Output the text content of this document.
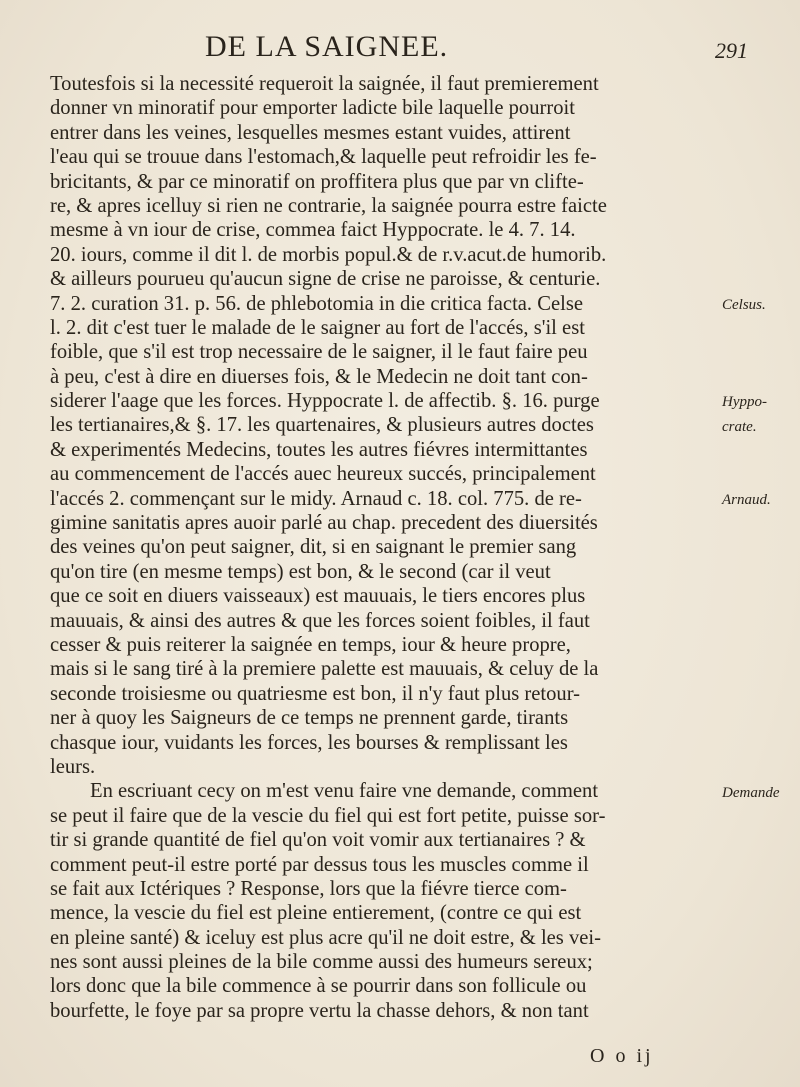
DE LA SAIGNEE.	291
Toutesfois si la necessité requeroit la saignée, il faut premierement
donner vn minoratif pour emporter ladicte bile laquelle pourroit
entrer dans les veines, lesquelles mesmes estant vuides, attirent
l'eau qui se trouue dans l'estomach,& laquelle peut refroidir les fe-
bricitants, & par ce minoratif on proffitera plus que par vn clifte-
re, & apres icelluy si rien ne contrarie, la saignée pourra estre faicte
mesme à vn iour de crise, commea faict Hyppocrate. le 4. 7. 14.
20. iours, comme il dit l. de morbis popul.& de r.v.acut.de humorib.
& ailleurs pourueu qu'aucun signe de crise ne paroisse, & centurie.
7. 2. curation 31. p. 56. de phlebotomia in die critica facta. Celse
l. 2. dit c'est tuer le malade de le saigner au fort de l'accés, s'il est
foible, que s'il est trop necessaire de le saigner, il le faut faire peu
à peu, c'est à dire en diuerses fois, & le Medecin ne doit tant con-
siderer l'aage que les forces. Hyppocrate l. de affectib. §. 16. purge
les tertianaires,& §. 17. les quartenaires, & plusieurs autres doctes
& experimentés Medecins, toutes les autres fiévres intermittantes
au commencement de l'accés auec heureux succés, principalement
l'accés 2. commençant sur le midy. Arnaud c. 18. col. 775. de re-
gimine sanitatis apres auoir parlé au chap. precedent des diuersités
des veines qu'on peut saigner, dit, si en saignant le premier sang
qu'on tire (en mesme temps) est bon, & le second (car il veut
que ce soit en diuers vaisseaux) est mauuais, le tiers encores plus
mauuais, & ainsi des autres & que les forces soient foibles, il faut
cesser & puis reiterer la saignée en temps, iour & heure propre,
mais si le sang tiré à la premiere palette est mauuais, & celuy de la
seconde troisiesme ou quatriesme est bon, il n'y faut plus retour-
ner à quoy les Saigneurs de ce temps ne prennent garde, tirants
chasque iour, vuidants les forces, les bourses & remplissant les
leurs.
En escriuant cecy on m'est venu faire vne demande, comment
se peut il faire que de la vescie du fiel qui est fort petite, puisse sor-
tir si grande quantité de fiel qu'on voit vomir aux tertianaires ? &
comment peut-il estre porté par dessus tous les muscles comme il
se fait aux Ictériques ? Response, lors que la fiévre tierce com-
mence, la vescie du fiel est pleine entierement, (contre ce qui est
en pleine santé) & iceluy est plus acre qu'il ne doit estre, & les vei-
nes sont aussi pleines de la bile comme aussi des humeurs sereux;
lors donc que la bile commence à se pourrir dans son follicule ou
bourfette, le foye par sa propre vertu la chasse dehors, & non tant
Celsus.
Hyppo-
crate.
Arnaud.
Demande
O o ij
